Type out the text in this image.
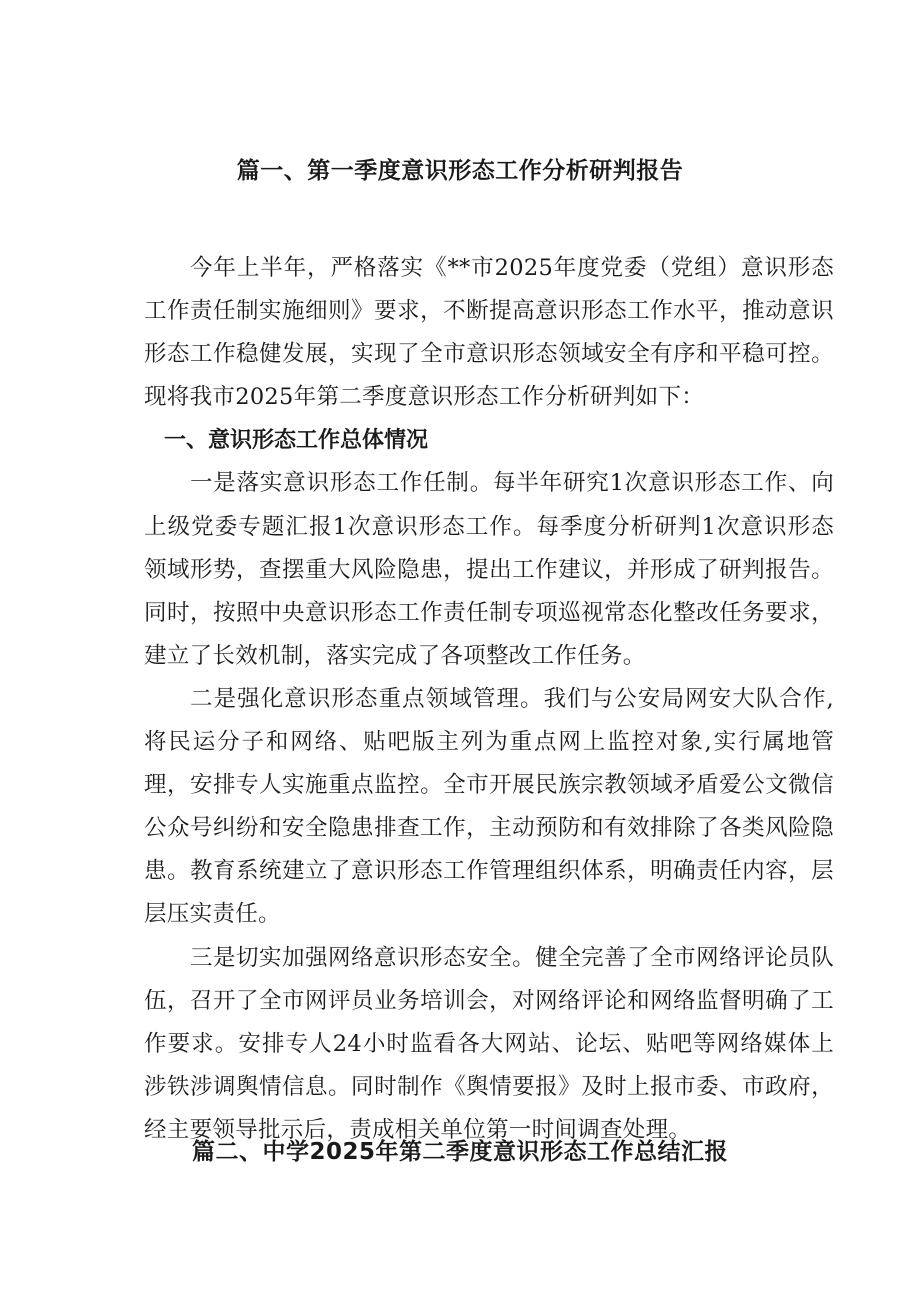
篇一、第一季度意识形态工作分析研判报告

今年上半年，严格落实《**市2025年度党委（党组）意识形态工作责任制实施细则》要求，不断提高意识形态工作水平，推动意识形态工作稳健发展，实现了全市意识形态领域安全有序和平稳可控。现将我市2025年第二季度意识形态工作分析研判如下：

一、意识形态工作总体情况

一是落实意识形态工作任制。每半年研究1次意识形态工作、向上级党委专题汇报1次意识形态工作。每季度分析研判1次意识形态领域形势，查摆重大风险隐患，提出工作建议，并形成了研判报告。同时，按照中央意识形态工作责任制专项巡视常态化整改任务要求，建立了长效机制，落实完成了各项整改工作任务。

二是强化意识形态重点领域管理。我们与公安局网安大队合作,将民运分子和网络、贴吧版主列为重点网上监控对象,实行属地管理，安排专人实施重点监控。全市开展民族宗教领域矛盾爱公文微信公众号纠纷和安全隐患排查工作，主动预防和有效排除了各类风险隐患。教育系统建立了意识形态工作管理组织体系，明确责任内容，层层压实责任。

三是切实加强网络意识形态安全。健全完善了全市网络评论员队伍，召开了全市网评员业务培训会，对网络评论和网络监督明确了工作要求。安排专人24小时监看各大网站、论坛、贴吧等网络媒体上涉铁涉调舆情信息。同时制作《舆情要报》及时上报市委、市政府，经主要领导批示后，责成相关单位第一时间调查处理。

篇二、中学2025年第二季度意识形态工作总结汇报
